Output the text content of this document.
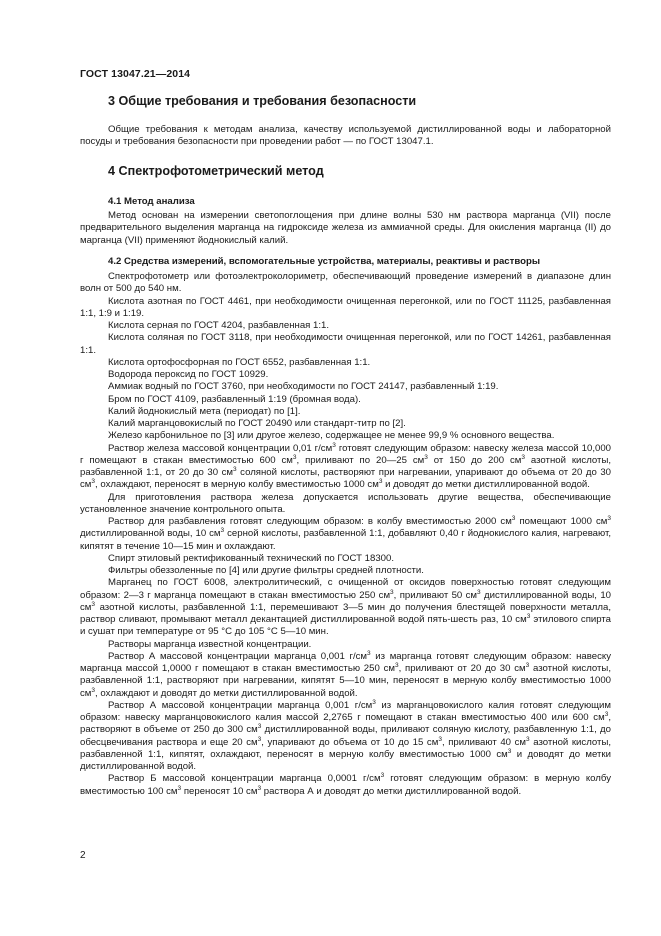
ГОСТ 13047.21—2014
3 Общие требования и требования безопасности

Общие требования к методам анализа, качеству используемой дистиллированной воды и лабораторной посуды и требования безопасности при проведении работ — по ГОСТ 13047.1.

4 Спектрофотометрический метод
4.1 Метод анализа

Метод основан на измерении светопоглощения при длине волны 530 нм раствора марганца (VII) после предварительного выделения марганца на гидроксиде железа из аммиачной среды. Для окисления марганца (II) до марганца (VII) применяют йоднокислый калий.

4.2 Средства измерений, вспомогательные устройства, материалы, реактивы и растворы

Спектрофотометр или фотоэлектроколориметр, обеспечивающий проведение измерений в диапазоне длин волн от 500 до 540 нм.

Кислота азотная по ГОСТ 4461, при необходимости очищенная перегонкой, или по ГОСТ 11125, разбавленная 1:1, 1:9 и 1:19.

Кислота серная по ГОСТ 4204, разбавленная 1:1.

Кислота соляная по ГОСТ 3118, при необходимости очищенная перегонкой, или по ГОСТ 14261, разбавленная 1:1.

Кислота ортофосфорная по ГОСТ 6552, разбавленная 1:1.

Водорода пероксид по ГОСТ 10929.

Аммиак водный по ГОСТ 3760, при необходимости по ГОСТ 24147, разбавленный 1:19.

Бром по ГОСТ 4109, разбавленный 1:19 (бромная вода).

Калий йоднокислый мета (периодат) по [1].

Калий марганцовокислый по ГОСТ 20490 или стандарт-титр по [2].

Железо карбонильное по [3] или другое железо, содержащее не менее 99,9 % основного вещества.

Раствор железа массовой концентрации 0,01 $г/см^3$ готовят следующим образом: навеску железа массой 10,000 г помещают в стакан вместимостью 600 $см^3$, приливают по 20—25 $см^3$ от 150 до 200 $см^3$ азотной кислоты, разбавленной 1:1, от 20 до 30 $см^3$ соляной кислоты, растворяют при нагревании, упаривают до объема от 20 до 30 $см^3$, охлаждают, переносят в мерную колбу вместимостью 1000 $см^3$ и доводят до метки дистиллированной водой.

Для приготовления раствора железа допускается использовать другие вещества, обеспечивающие установленное значение контрольного опыта.

Раствор для разбавления готовят следующим образом: в колбу вместимостью 2000 $см^3$ помещают 1000 $см^3$ дистиллированной воды, 10 $см^3$ серной кислоты, разбавленной 1:1, добавляют 0,40 г йоднокислого калия, нагревают, кипятят в течение 10—15 мин и охлаждают.

Спирт этиловый ректификованный технический по ГОСТ 18300.

Фильтры обеззоленные по [4] или другие фильтры средней плотности.

Марганец по ГОСТ 6008, электролитический, с очищенной от оксидов поверхностью готовят следующим образом: 2—3 г марганца помещают в стакан вместимостью 250 $см^3$, приливают 50 $см^3$ дистиллированной воды, 10 $см^3$ азотной кислоты, разбавленной 1:1, перемешивают 3—5 мин до получения блестящей поверхности металла, раствор сливают, промывают металл декантацией дистиллированной водой пять-шесть раз, 10 $см^3$ этилового спирта и сушат при температуре от 95 °С до 105 °С 5—10 мин.

Растворы марганца известной концентрации.

Раствор А массовой концентрации марганца 0,001 $г/см^3$ из марганца готовят следующим образом: навеску марганца массой 1,0000 г помещают в стакан вместимостью 250 $см^3$, приливают от 20 до 30 $см^3$ азотной кислоты, разбавленной 1:1, растворяют при нагревании, кипятят 5—10 мин, переносят в мерную колбу вместимостью 1000 $см^3$, охлаждают и доводят до метки дистиллированной водой.

Раствор А массовой концентрации марганца 0,001 $г/см^3$ из марганцовокислого калия готовят следующим образом: навеску марганцовокислого калия массой 2,2765 г помещают в стакан вместимостью 400 или 600 $см^3$, растворяют в объеме от 250 до 300 $см^3$ дистиллированной воды, приливают соляную кислоту, разбавленную 1:1, до обесцвечивания раствора и еще 20 $см^3$, упаривают до объема от 10 до 15 $см^3$, приливают 40 $см^3$ азотной кислоты, разбавленной 1:1, кипятят, охлаждают, переносят в мерную колбу вместимостью 1000 $см^3$ и доводят до метки дистиллированной водой.

Раствор Б массовой концентрации марганца 0,0001 $г/см^3$ готовят следующим образом: в мерную колбу вместимостью 100 $см^3$ переносят 10 $см^3$ раствора А и доводят до метки дистиллированной водой.

2
